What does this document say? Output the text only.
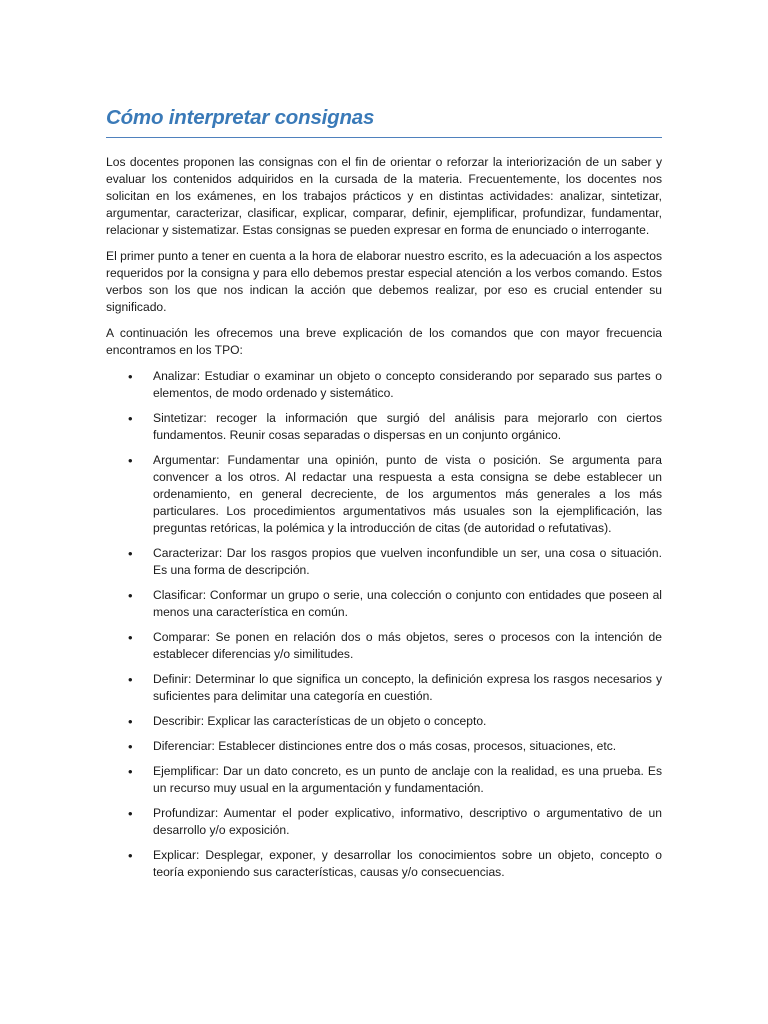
Cómo interpretar consignas

Los docentes proponen las consignas con el fin de orientar o reforzar la interiorización de un saber y evaluar los contenidos adquiridos en la cursada de la materia. Frecuentemente, los docentes nos solicitan en los exámenes, en los trabajos prácticos y en distintas actividades: analizar, sintetizar, argumentar, caracterizar, clasificar, explicar, comparar, definir, ejemplificar, profundizar, fundamentar, relacionar y sistematizar. Estas consignas se pueden expresar en forma de enunciado o interrogante.

El primer punto a tener en cuenta a la hora de elaborar nuestro escrito, es la adecuación a los aspectos requeridos por la consigna y para ello debemos prestar especial atención a los verbos comando. Estos verbos son los que nos indican la acción que debemos realizar, por eso es crucial entender su significado.

A continuación les ofrecemos una breve explicación de los comandos que con mayor frecuencia encontramos en los TPO:

• Analizar: Estudiar o examinar un objeto o concepto considerando por separado sus partes o elementos, de modo ordenado y sistemático.
• Sintetizar: recoger la información que surgió del análisis para mejorarlo con ciertos fundamentos. Reunir cosas separadas o dispersas en un conjunto orgánico.
• Argumentar: Fundamentar una opinión, punto de vista o posición. Se argumenta para convencer a los otros. Al redactar una respuesta a esta consigna se debe establecer un ordenamiento, en general decreciente, de los argumentos más generales a los más particulares. Los procedimientos argumentativos más usuales son la ejemplificación, las preguntas retóricas, la polémica y la introducción de citas (de autoridad o refutativas).
• Caracterizar: Dar los rasgos propios que vuelven inconfundible un ser, una cosa o situación. Es una forma de descripción.
• Clasificar: Conformar un grupo o serie, una colección o conjunto con entidades que poseen al menos una característica en común.
• Comparar: Se ponen en relación dos o más objetos, seres o procesos con la intención de establecer diferencias y/o similitudes.
• Definir: Determinar lo que significa un concepto, la definición expresa los rasgos necesarios y suficientes para delimitar una categoría en cuestión.
• Describir: Explicar las características de un objeto o concepto.
• Diferenciar: Establecer distinciones entre dos o más cosas, procesos, situaciones, etc.
• Ejemplificar: Dar un dato concreto, es un punto de anclaje con la realidad, es una prueba. Es un recurso muy usual en la argumentación y fundamentación.
• Profundizar: Aumentar el poder explicativo, informativo, descriptivo o argumentativo de un desarrollo y/o exposición.
• Explicar: Desplegar, exponer, y desarrollar los conocimientos sobre un objeto, concepto o teoría exponiendo sus características, causas y/o consecuencias.
